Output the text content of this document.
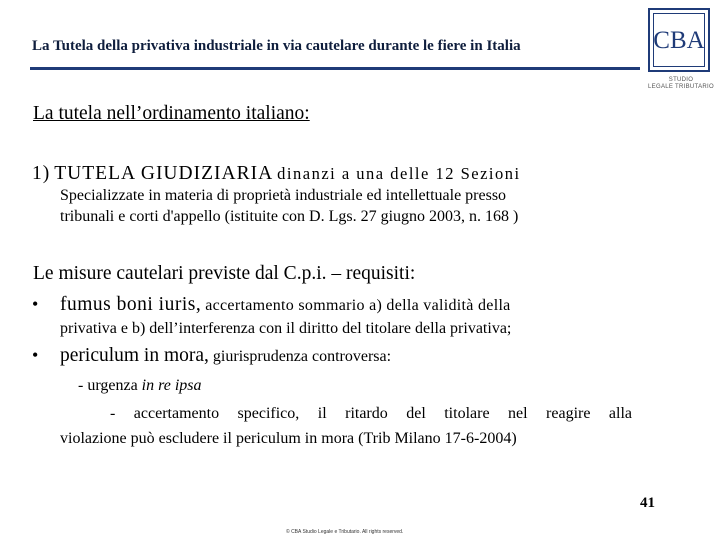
La Tutela della privativa industriale in via cautelare durante le fiere in Italia	CBA
STUDIO
LEGALE TRIBUTARIO
La tutela nell’ordinamento italiano:
1) TUTELA GIUDIZIARIA dinanzi a una delle 12 Sezioni
Specializzate in materia di proprietà industriale ed intellettuale presso
tribunali e corti d'appello (istituite con D. Lgs. 27 giugno 2003, n. 168 )
Le misure cautelari previste dal C.p.i. – requisiti:
•	fumus boni iuris, accertamento sommario a) della validità della
privativa e b) dell’interferenza con il diritto del titolare della privativa;
•	periculum in mora, giurisprudenza controversa:
- urgenza in re ipsa
- accertamento specifico, il ritardo del titolare nel reagire alla
violazione può escludere il periculum in mora (Trib Milano 17-6-2004)
41
© CBA Studio Legale e Tributario. All rights reserved.
